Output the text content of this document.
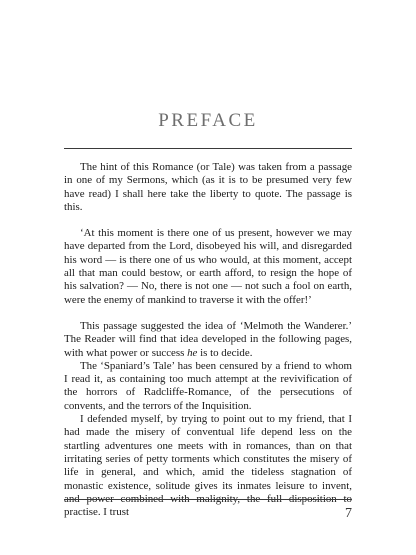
PREFACE

The hint of this Romance (or Tale) was taken from a passage in one of my Sermons, which (as it is to be presumed very few have read) I shall here take the liberty to quote. The passage is this.

‘At this moment is there one of us present, however we may have departed from the Lord, disobeyed his will, and disregarded his word — is there one of us who would, at this moment, accept all that man could bestow, or earth afford, to resign the hope of his salvation? — No, there is not one — not such a fool on earth, were the enemy of mankind to traverse it with the offer!’

This passage suggested the idea of ‘Melmoth the Wanderer.’ The Reader will find that idea developed in the following pages, with what power or success he is to decide.

The ‘Spaniard’s Tale’ has been censured by a friend to whom I read it, as containing too much attempt at the revivification of the horrors of Radcliffe-Romance, of the persecutions of convents, and the terrors of the Inquisition.

I defended myself, by trying to point out to my friend, that I had made the misery of conventual life depend less on the startling adventures one meets with in romances, than on that irritating series of petty torments which constitutes the misery of life in general, and which, amid the tideless stagnation of monastic existence, solitude gives its inmates leisure to invent, and power combined with malignity, the full disposition to practise. I trust	7
